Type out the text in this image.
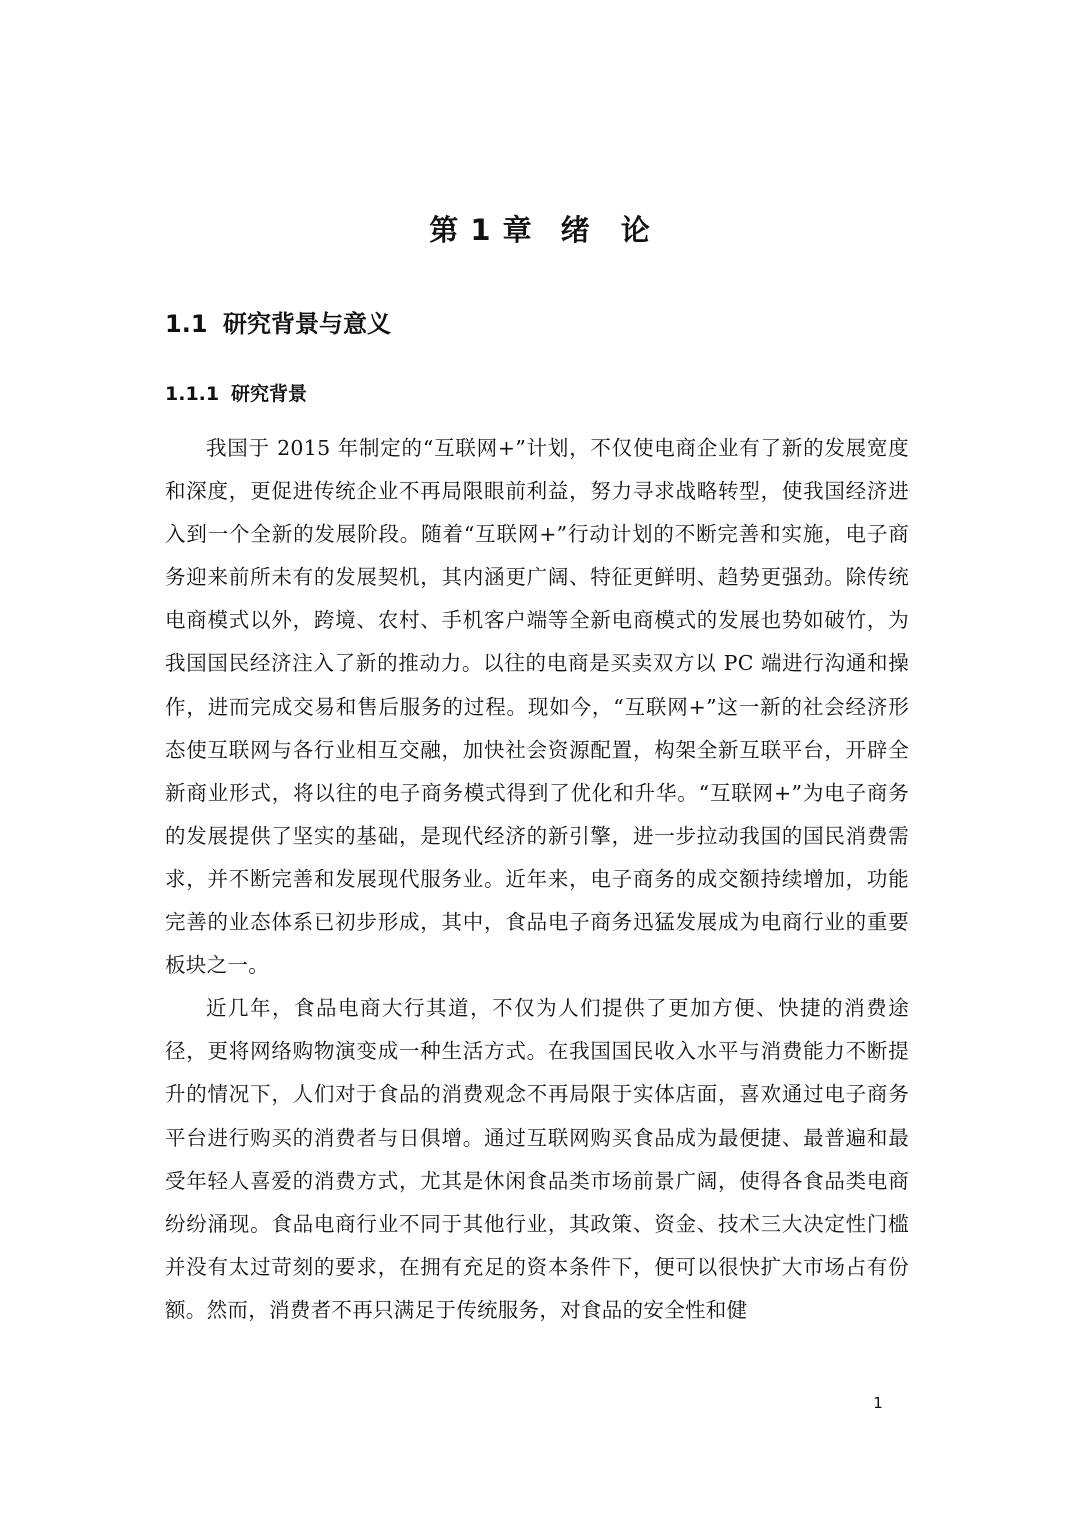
第 1 章 绪 论
1.1 研究背景与意义
1.1.1 研究背景

我国于 2015 年制定的“互联网+”计划，不仅使电商企业有了新的发展宽度和深度，更促进传统企业不再局限眼前利益，努力寻求战略转型，使我国经济进入到一个全新的发展阶段。随着“互联网+”行动计划的不断完善和实施，电子商务迎来前所未有的发展契机，其内涵更广阔、特征更鲜明、趋势更强劲。除传统电商模式以外，跨境、农村、手机客户端等全新电商模式的发展也势如破竹，为我国国民经济注入了新的推动力。以往的电商是买卖双方以 PC 端进行沟通和操作，进而完成交易和售后服务的过程。现如今，“互联网+”这一新的社会经济形态使互联网与各行业相互交融，加快社会资源配置，构架全新互联平台，开辟全新商业形式，将以往的电子商务模式得到了优化和升华。“互联网+”为电子商务的发展提供了坚实的基础，是现代经济的新引擎，进一步拉动我国的国民消费需求，并不断完善和发展现代服务业。近年来，电子商务的成交额持续增加，功能完善的业态体系已初步形成，其中，食品电子商务迅猛发展成为电商行业的重要板块之一。

近几年，食品电商大行其道，不仅为人们提供了更加方便、快捷的消费途径，更将网络购物演变成一种生活方式。在我国国民收入水平与消费能力不断提升的情况下，人们对于食品的消费观念不再局限于实体店面，喜欢通过电子商务平台进行购买的消费者与日俱增。通过互联网购买食品成为最便捷、最普遍和最受年轻人喜爱的消费方式，尤其是休闲食品类市场前景广阔，使得各食品类电商纷纷涌现。食品电商行业不同于其他行业，其政策、资金、技术三大决定性门槛并没有太过苛刻的要求，在拥有充足的资本条件下，便可以很快扩大市场占有份额。然而，消费者不再只满足于传统服务，对食品的安全性和健

1
